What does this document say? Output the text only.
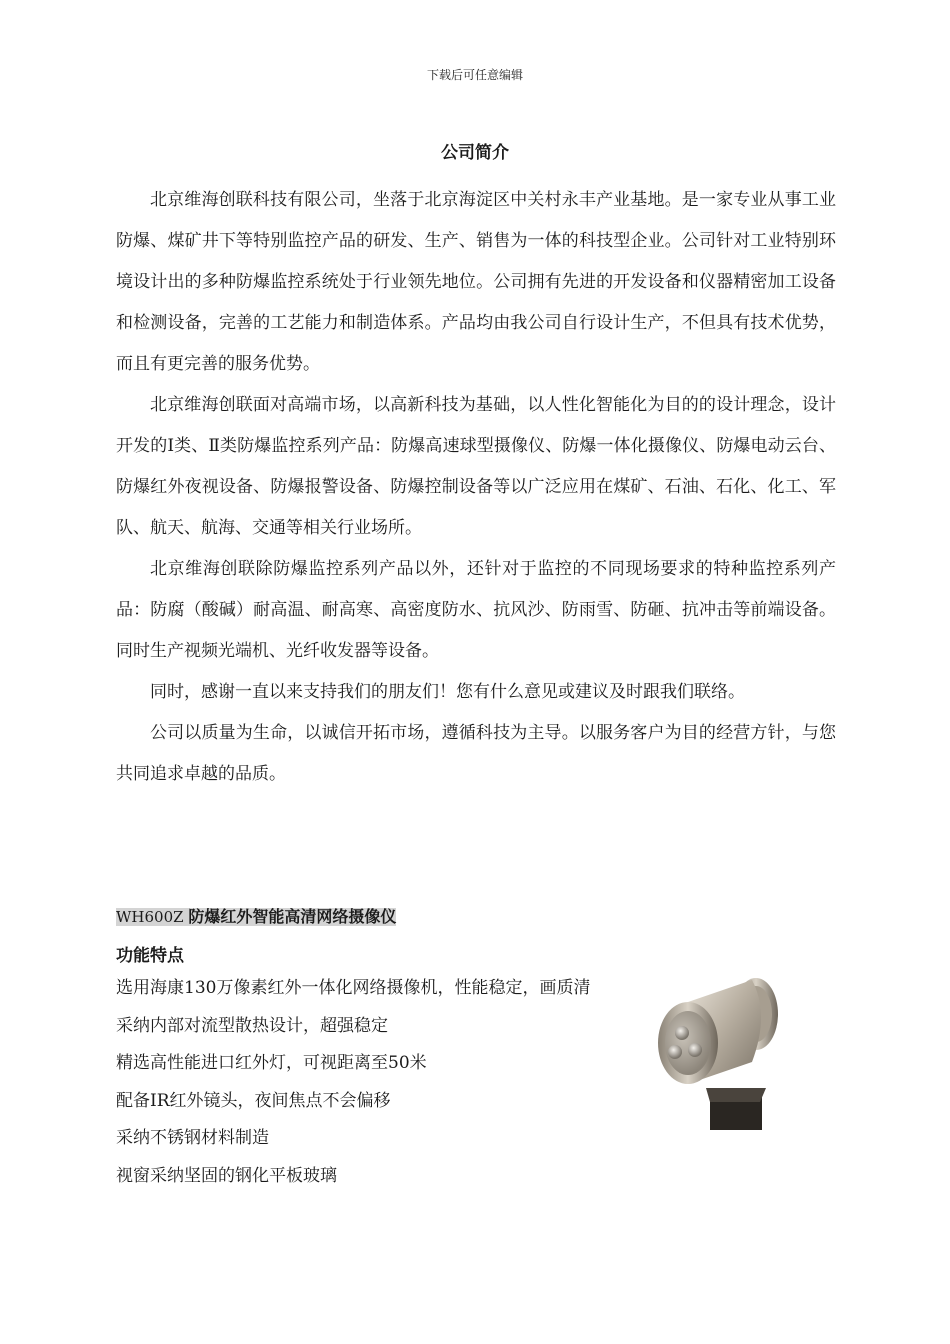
下载后可任意编辑
公司简介

北京维海创联科技有限公司，坐落于北京海淀区中关村永丰产业基地。是一家专业从事工业防爆、煤矿井下等特别监控产品的研发、生产、销售为一体的科技型企业。公司针对工业特别环境设计出的多种防爆监控系统处于行业领先地位。公司拥有先进的开发设备和仪器精密加工设备和检测设备，完善的工艺能力和制造体系。产品均由我公司自行设计生产，不但具有技术优势，而且有更完善的服务优势。

北京维海创联面对高端市场，以高新科技为基础，以人性化智能化为目的的设计理念，设计开发的Ⅰ类、Ⅱ类防爆监控系列产品：防爆高速球型摄像仪、防爆一体化摄像仪、防爆电动云台、防爆红外夜视设备、防爆报警设备、防爆控制设备等以广泛应用在煤矿、石油、石化、化工、军队、航天、航海、交通等相关行业场所。

北京维海创联除防爆监控系列产品以外，还针对于监控的不同现场要求的特种监控系列产品：防腐（酸碱）耐高温、耐高寒、高密度防水、抗风沙、防雨雪、防砸、抗冲击等前端设备。同时生产视频光端机、光纤收发器等设备。

同时，感谢一直以来支持我们的朋友们！您有什么意见或建议及时跟我们联络。

公司以质量为生命，以诚信开拓市场，遵循科技为主导。以服务客户为目的经营方针，与您共同追求卓越的品质。

WH600Z 防爆红外智能高清网络摄像仪
功能特点
选用海康130万像素红外一体化网络摄像机，性能稳定，画质清
采纳内部对流型散热设计，超强稳定
精选高性能进口红外灯，可视距离至50米
配备IR红外镜头，夜间焦点不会偏移
采纳不锈钢材料制造
视窗采纳坚固的钢化平板玻璃
